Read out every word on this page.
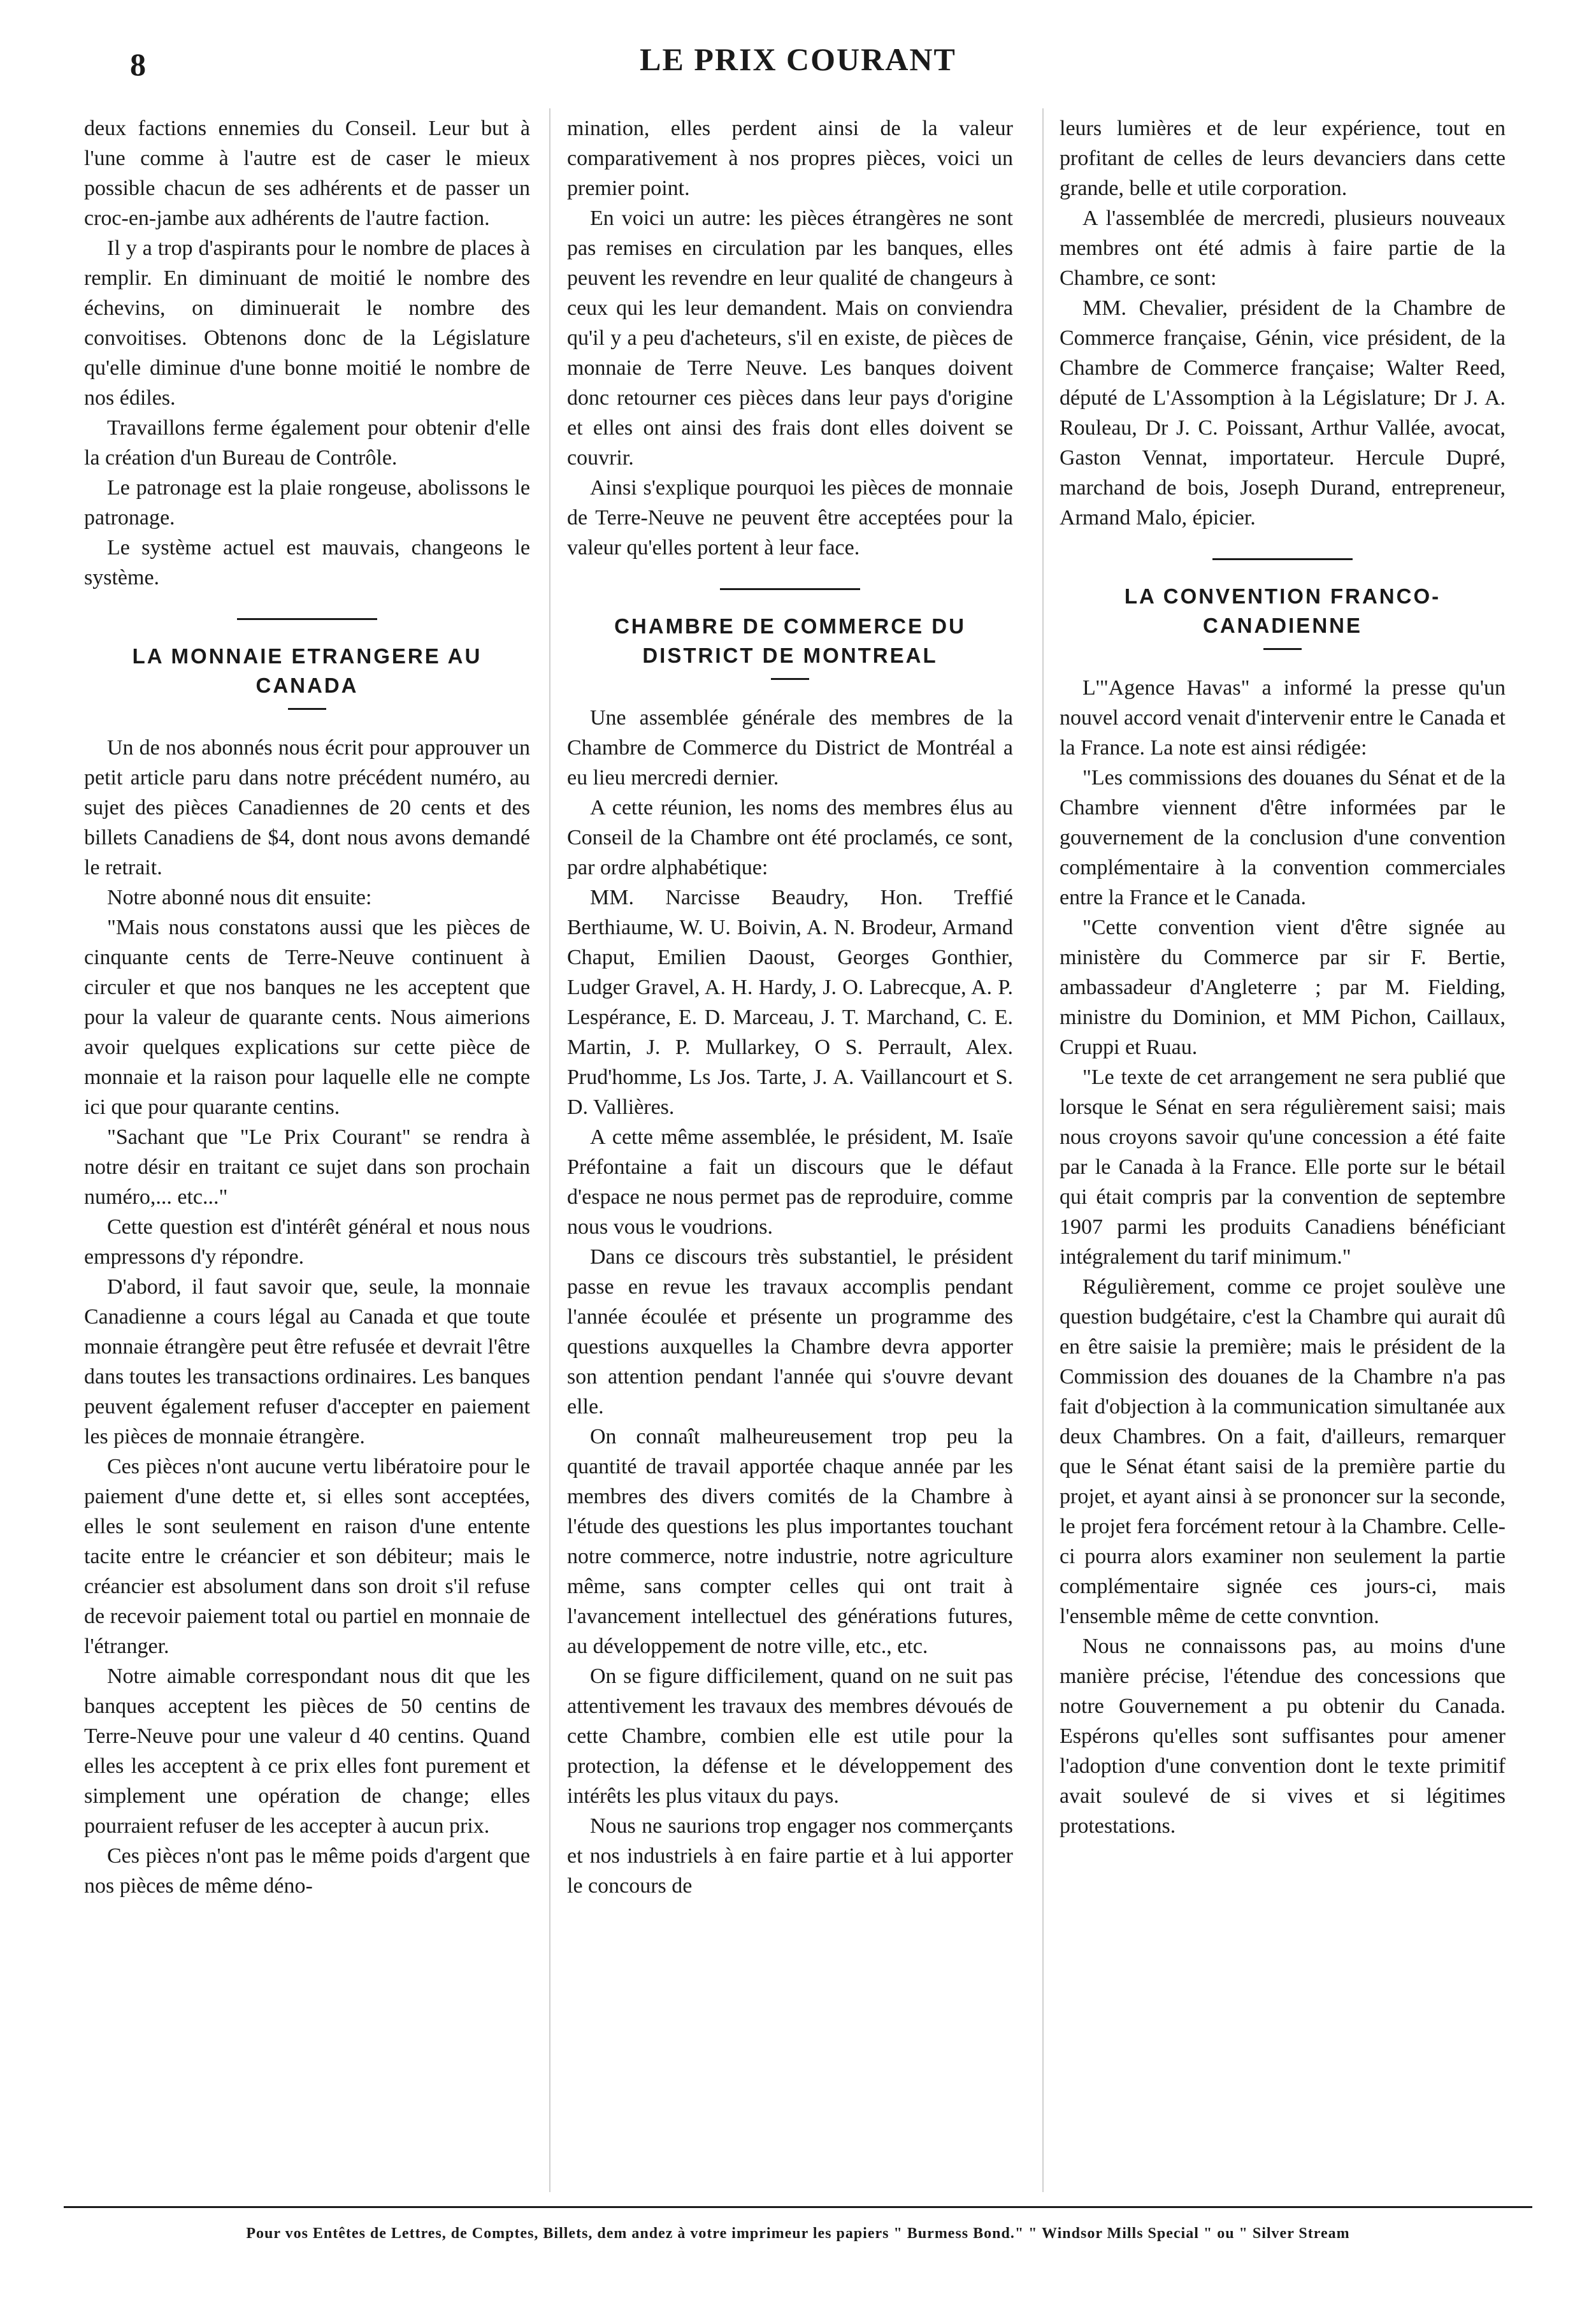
8	LE PRIX COURANT

deux factions ennemies du Conseil. Leur but à l'une comme à l'autre est de caser le mieux possible chacun de ses adhérents et de passer un croc-en-jambe aux adhérents de l'autre faction.

Il y a trop d'aspirants pour le nombre de places à remplir. En diminuant de moitié le nombre des échevins, on diminuerait le nombre des convoitises. Obtenons donc de la Législature qu'elle diminue d'une bonne moitié le nombre de nos édiles.

Travaillons ferme également pour obtenir d'elle la création d'un Bureau de Contrôle.

Le patronage est la plaie rongeuse, abolissons le patronage.

Le système actuel est mauvais, changeons le système.

LA MONNAIE ETRANGERE AU CANADA

Un de nos abonnés nous écrit pour approuver un petit article paru dans notre précédent numéro, au sujet des pièces Canadiennes de 20 cents et des billets Canadiens de $4, dont nous avons demandé le retrait.

Notre abonné nous dit ensuite:

"Mais nous constatons aussi que les pièces de cinquante cents de Terre-Neuve continuent à circuler et que nos banques ne les acceptent que pour la valeur de quarante cents. Nous aimerions avoir quelques explications sur cette pièce de monnaie et la raison pour laquelle elle ne compte ici que pour quarante centins.

"Sachant que "Le Prix Courant" se rendra à notre désir en traitant ce sujet dans son prochain numéro,... etc..."

Cette question est d'intérêt général et nous nous empressons d'y répondre.

D'abord, il faut savoir que, seule, la monnaie Canadienne a cours légal au Canada et que toute monnaie étrangère peut être refusée et devrait l'être dans toutes les transactions ordinaires. Les banques peuvent également refuser d'accepter en paiement les pièces de monnaie étrangère.

Ces pièces n'ont aucune vertu libératoire pour le paiement d'une dette et, si elles sont acceptées, elles le sont seulement en raison d'une entente tacite entre le créancier et son débiteur; mais le créancier est absolument dans son droit s'il refuse de recevoir paiement total ou partiel en monnaie de l'étranger.

Notre aimable correspondant nous dit que les banques acceptent les pièces de 50 centins de Terre-Neuve pour une valeur d 40 centins. Quand elles les acceptent à ce prix elles font purement et simplement une opération de change; elles pourraient refuser de les accepter à aucun prix.

Ces pièces n'ont pas le même poids d'argent que nos pièces de même déno-

mination, elles perdent ainsi de la valeur comparativement à nos propres pièces, voici un premier point.

En voici un autre: les pièces étrangères ne sont pas remises en circulation par les banques, elles peuvent les revendre en leur qualité de changeurs à ceux qui les leur demandent. Mais on conviendra qu'il y a peu d'acheteurs, s'il en existe, de pièces de monnaie de Terre Neuve. Les banques doivent donc retourner ces pièces dans leur pays d'origine et elles ont ainsi des frais dont elles doivent se couvrir.

Ainsi s'explique pourquoi les pièces de monnaie de Terre-Neuve ne peuvent être acceptées pour la valeur qu'elles portent à leur face.

CHAMBRE DE COMMERCE DU DISTRICT DE MONTREAL

Une assemblée générale des membres de la Chambre de Commerce du District de Montréal a eu lieu mercredi dernier.

A cette réunion, les noms des membres élus au Conseil de la Chambre ont été proclamés, ce sont, par ordre alphabétique:

MM. Narcisse Beaudry, Hon. Treffié Berthiaume, W. U. Boivin, A. N. Brodeur, Armand Chaput, Emilien Daoust, Georges Gonthier, Ludger Gravel, A. H. Hardy, J. O. Labrecque, A. P. Lespérance, E. D. Marceau, J. T. Marchand, C. E. Martin, J. P. Mullarkey, O S. Perrault, Alex. Prud'homme, Ls Jos. Tarte, J. A. Vaillancourt et S. D. Vallières.

A cette même assemblée, le président, M. Isaïe Préfontaine a fait un discours que le défaut d'espace ne nous permet pas de reproduire, comme nous vous le voudrions.

Dans ce discours très substantiel, le président passe en revue les travaux accomplis pendant l'année écoulée et présente un programme des questions auxquelles la Chambre devra apporter son attention pendant l'année qui s'ouvre devant elle.

On connaît malheureusement trop peu la quantité de travail apportée chaque année par les membres des divers comités de la Chambre à l'étude des questions les plus importantes touchant notre commerce, notre industrie, notre agriculture même, sans compter celles qui ont trait à l'avancement intellectuel des générations futures, au développement de notre ville, etc., etc.

On se figure difficilement, quand on ne suit pas attentivement les travaux des membres dévoués de cette Chambre, combien elle est utile pour la protection, la défense et le développement des intérêts les plus vitaux du pays.

Nous ne saurions trop engager nos commerçants et nos industriels à en faire partie et à lui apporter le concours de

leurs lumières et de leur expérience, tout en profitant de celles de leurs devanciers dans cette grande, belle et utile corporation.

A l'assemblée de mercredi, plusieurs nouveaux membres ont été admis à faire partie de la Chambre, ce sont:

MM. Chevalier, président de la Chambre de Commerce française, Génin, vice président, de la Chambre de Commerce française; Walter Reed, député de L'Assomption à la Législature; Dr J. A. Rouleau, Dr J. C. Poissant, Arthur Vallée, avocat, Gaston Vennat, importateur. Hercule Dupré, marchand de bois, Joseph Durand, entrepreneur, Armand Malo, épicier.

LA CONVENTION FRANCO-CANADIENNE

L'"Agence Havas" a informé la presse qu'un nouvel accord venait d'intervenir entre le Canada et la France. La note est ainsi rédigée:

"Les commissions des douanes du Sénat et de la Chambre viennent d'être informées par le gouvernement de la conclusion d'une convention complémentaire à la convention commerciales entre la France et le Canada.

"Cette convention vient d'être signée au ministère du Commerce par sir F. Bertie, ambassadeur d'Angleterre ; par M. Fielding, ministre du Dominion, et MM Pichon, Caillaux, Cruppi et Ruau.

"Le texte de cet arrangement ne sera publié que lorsque le Sénat en sera régulièrement saisi; mais nous croyons savoir qu'une concession a été faite par le Canada à la France. Elle porte sur le bétail qui était compris par la convention de septembre 1907 parmi les produits Canadiens bénéficiant intégralement du tarif minimum."

Régulièrement, comme ce projet soulève une question budgétaire, c'est la Chambre qui aurait dû en être saisie la première; mais le président de la Commission des douanes de la Chambre n'a pas fait d'objection à la communication simultanée aux deux Chambres. On a fait, d'ailleurs, remarquer que le Sénat étant saisi de la première partie du projet, et ayant ainsi à se prononcer sur la seconde, le projet fera forcément retour à la Chambre. Celle-ci pourra alors examiner non seulement la partie complémentaire signée ces jours-ci, mais l'ensemble même de cette convntion.

Nous ne connaissons pas, au moins d'une manière précise, l'étendue des concessions que notre Gouvernement a pu obtenir du Canada. Espérons qu'elles sont suffisantes pour amener l'adoption d'une convention dont le texte primitif avait soulevé de si vives et si légitimes protestations.

Pour vos Entêtes de Lettres, de Comptes, Billets, dem andez à votre imprimeur les papiers " Burmess Bond." " Windsor Mills Special " ou " Silver Stream
